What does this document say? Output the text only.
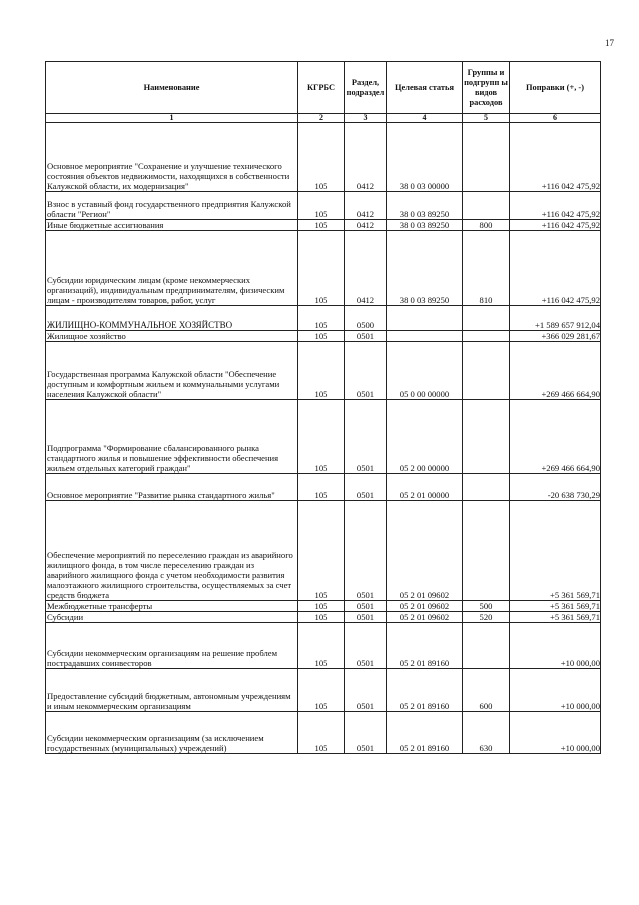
17
Наименование	КГРБС	Раздел, подраздел	Целевая статья	Группы и подгрупп ы видов расходов	Поправки (+, -)
1	2	3	4	5	6
Основное мероприятие "Сохранение и улучшение технического состояния объектов недвижимости, находящихся в собственности Калужской области, их модернизация"	105	0412	38 0 03 00000		+116 042 475,92
Взнос в уставный фонд государственного предприятия Калужской области "Регион"	105	0412	38 0 03 89250		+116 042 475,92
Иные бюджетные ассигнования	105	0412	38 0 03 89250	800	+116 042 475,92
Субсидии юридическим лицам (кроме некоммерческих организаций), индивидуальным предпринимателям, физическим лицам - производителям товаров, работ, услуг	105	0412	38 0 03 89250	810	+116 042 475,92
ЖИЛИЩНО-КОММУНАЛЬНОЕ ХОЗЯЙСТВО	105	0500			+1 589 657 912,04
Жилищное хозяйство	105	0501			+366 029 281,67
Государственная программа Калужской области "Обеспечение доступным и комфортным жильем и коммунальными услугами населения Калужской области"	105	0501	05 0 00 00000		+269 466 664,90
Подпрограмма "Формирование сбалансированного рынка стандартного жилья и повышение эффективности обеспечения жильем отдельных категорий граждан"	105	0501	05 2 00 00000		+269 466 664,90
Основное мероприятие "Развитие рынка стандартного жилья"	105	0501	05 2 01 00000		-20 638 730,29
Обеспечение мероприятий по переселению граждан из аварийного жилищного фонда, в том числе переселению граждан из аварийного жилищного фонда с учетом необходимости развития малоэтажного жилищного строительства, осуществляемых за счет средств бюджета	105	0501	05 2 01 09602		+5 361 569,71
Межбюджетные трансферты	105	0501	05 2 01 09602	500	+5 361 569,71
Субсидии	105	0501	05 2 01 09602	520	+5 361 569,71
Субсидии некоммерческим организациям на решение проблем пострадавших соинвесторов	105	0501	05 2 01 89160		+10 000,00
Предоставление субсидий бюджетным, автономным учреждениям и иным некоммерческим организациям	105	0501	05 2 01 89160	600	+10 000,00
Субсидии некоммерческим организациям (за исключением государственных (муниципальных) учреждений)	105	0501	05 2 01 89160	630	+10 000,00
